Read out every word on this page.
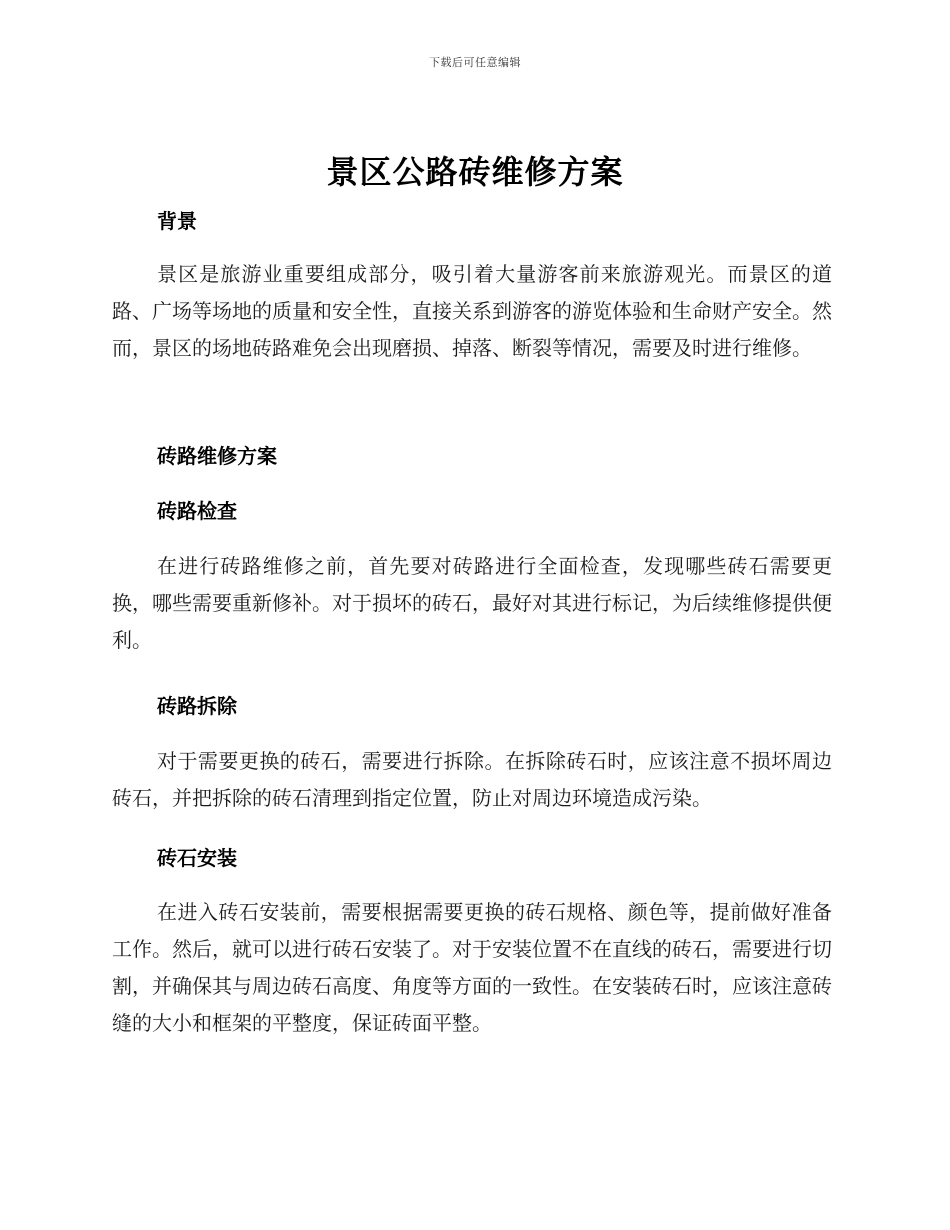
下载后可任意编辑
景区公路砖维修方案
背景

景区是旅游业重要组成部分，吸引着大量游客前来旅游观光。而景区的道路、广场等场地的质量和安全性，直接关系到游客的游览体验和生命财产安全。然而，景区的场地砖路难免会出现磨损、掉落、断裂等情况，需要及时进行维修。

砖路维修方案
砖路检查

在进行砖路维修之前，首先要对砖路进行全面检查，发现哪些砖石需要更换，哪些需要重新修补。对于损坏的砖石，最好对其进行标记，为后续维修提供便利。

砖路拆除

对于需要更换的砖石，需要进行拆除。在拆除砖石时，应该注意不损坏周边砖石，并把拆除的砖石清理到指定位置，防止对周边环境造成污染。

砖石安装

在进入砖石安装前，需要根据需要更换的砖石规格、颜色等，提前做好准备工作。然后，就可以进行砖石安装了。对于安装位置不在直线的砖石，需要进行切割，并确保其与周边砖石高度、角度等方面的一致性。在安装砖石时，应该注意砖缝的大小和框架的平整度，保证砖面平整。
